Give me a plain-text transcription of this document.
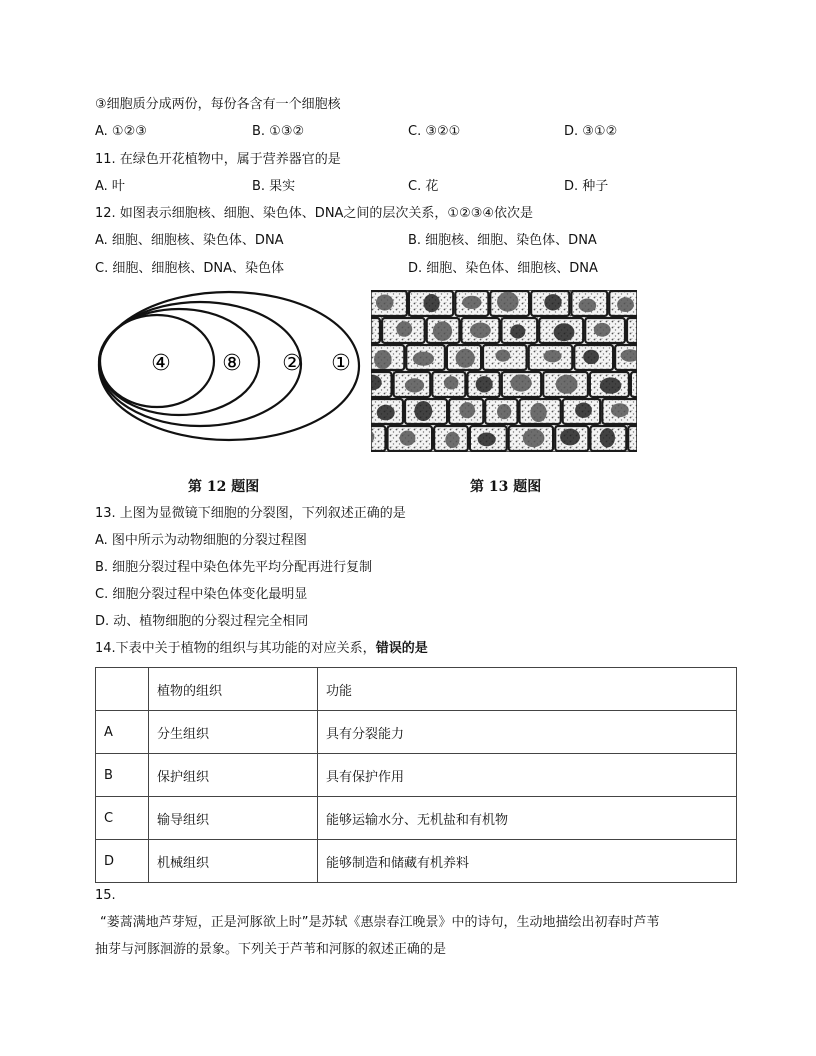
③细胞质分成两份，每份各含有一个细胞核
A. ①②③	B. ①③②	C. ③②①	D. ③①②
11. 在绿色开花植物中，属于营养器官的是
A. 叶	B. 果实	C. 花	D. 种子
12. 如图表示细胞核、细胞、染色体、DNA之间的层次关系，①②③④依次是
A. 细胞、细胞核、染色体、DNA	B. 细胞核、细胞、染色体、DNA
C. 细胞、细胞核、DNA、染色体	D. 细胞、染色体、细胞核、DNA
④ ⑧ ② ①
第 12 题图	第 13 题图
13. 上图为显微镜下细胞的分裂图，下列叙述正确的是
A. 图中所示为动物细胞的分裂过程图
B. 细胞分裂过程中染色体先平均分配再进行复制
C. 细胞分裂过程中染色体变化最明显
D. 动、植物细胞的分裂过程完全相同
14.下表中关于植物的组织与其功能的对应关系，错误的是
	植物的组织	功能
A	分生组织	具有分裂能力
B	保护组织	具有保护作用
C	输导组织	能够运输水分、无机盐和有机物
D	机械组织	能够制造和储藏有机养料
15.
“蒌蒿满地芦芽短，正是河豚欲上时”是苏轼《惠崇春江晚景》中的诗句，生动地描绘出初春时芦苇
抽芽与河豚洄游的景象。下列关于芦苇和河豚的叙述正确的是
